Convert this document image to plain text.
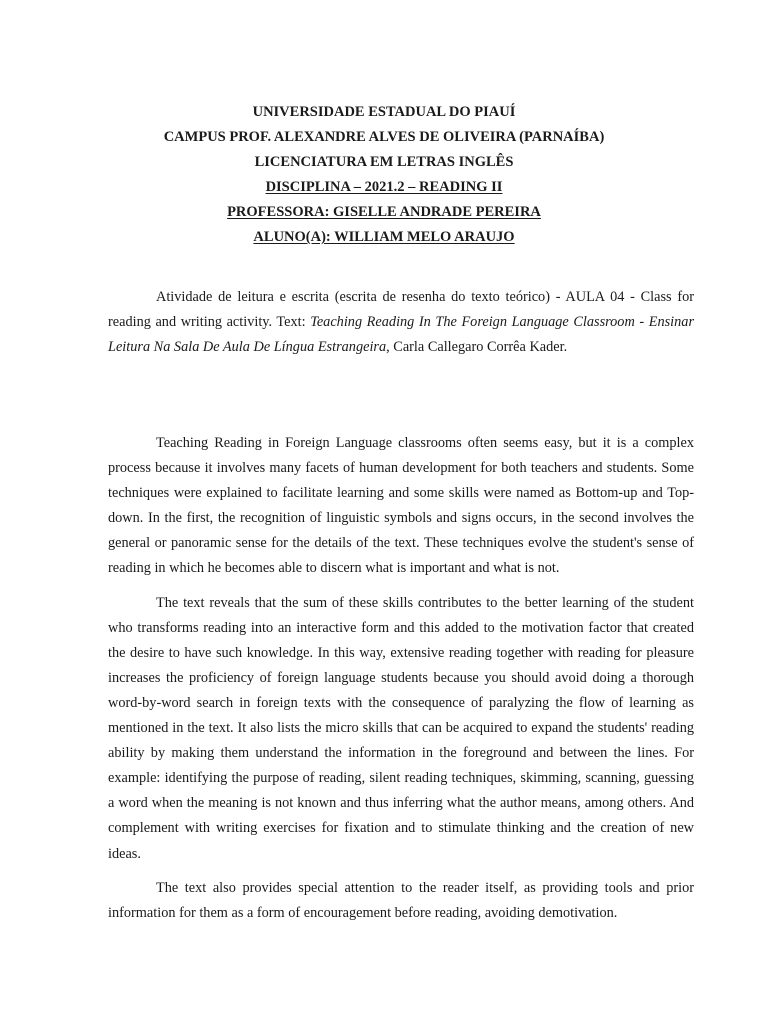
UNIVERSIDADE ESTADUAL DO PIAUÍ
CAMPUS PROF. ALEXANDRE ALVES DE OLIVEIRA (PARNAÍBA)
LICENCIATURA EM LETRAS INGLÊS
DISCIPLINA – 2021.2 – READING II
PROFESSORA: GISELLE ANDRADE PEREIRA
ALUNO(A): WILLIAM MELO ARAUJO

Atividade de leitura e escrita (escrita de resenha do texto teórico) - AULA 04 - Class for reading and writing activity. Text: Teaching Reading In The Foreign Language Classroom - Ensinar Leitura Na Sala De Aula De Língua Estrangeira, Carla Callegaro Corrêa Kader.

Teaching Reading in Foreign Language classrooms often seems easy, but it is a complex process because it involves many facets of human development for both teachers and students. Some techniques were explained to facilitate learning and some skills were named as Bottom-up and Top-down. In the first, the recognition of linguistic symbols and signs occurs, in the second involves the general or panoramic sense for the details of the text. These techniques evolve the student's sense of reading in which he becomes able to discern what is important and what is not.

The text reveals that the sum of these skills contributes to the better learning of the student who transforms reading into an interactive form and this added to the motivation factor that created the desire to have such knowledge. In this way, extensive reading together with reading for pleasure increases the proficiency of foreign language students because you should avoid doing a thorough word-by-word search in foreign texts with the consequence of paralyzing the flow of learning as mentioned in the text. It also lists the micro skills that can be acquired to expand the students' reading ability by making them understand the information in the foreground and between the lines. For example: identifying the purpose of reading, silent reading techniques, skimming, scanning, guessing a word when the meaning is not known and thus inferring what the author means, among others. And complement with writing exercises for fixation and to stimulate thinking and the creation of new ideas.

The text also provides special attention to the reader itself, as providing tools and prior information for them as a form of encouragement before reading, avoiding demotivation.
